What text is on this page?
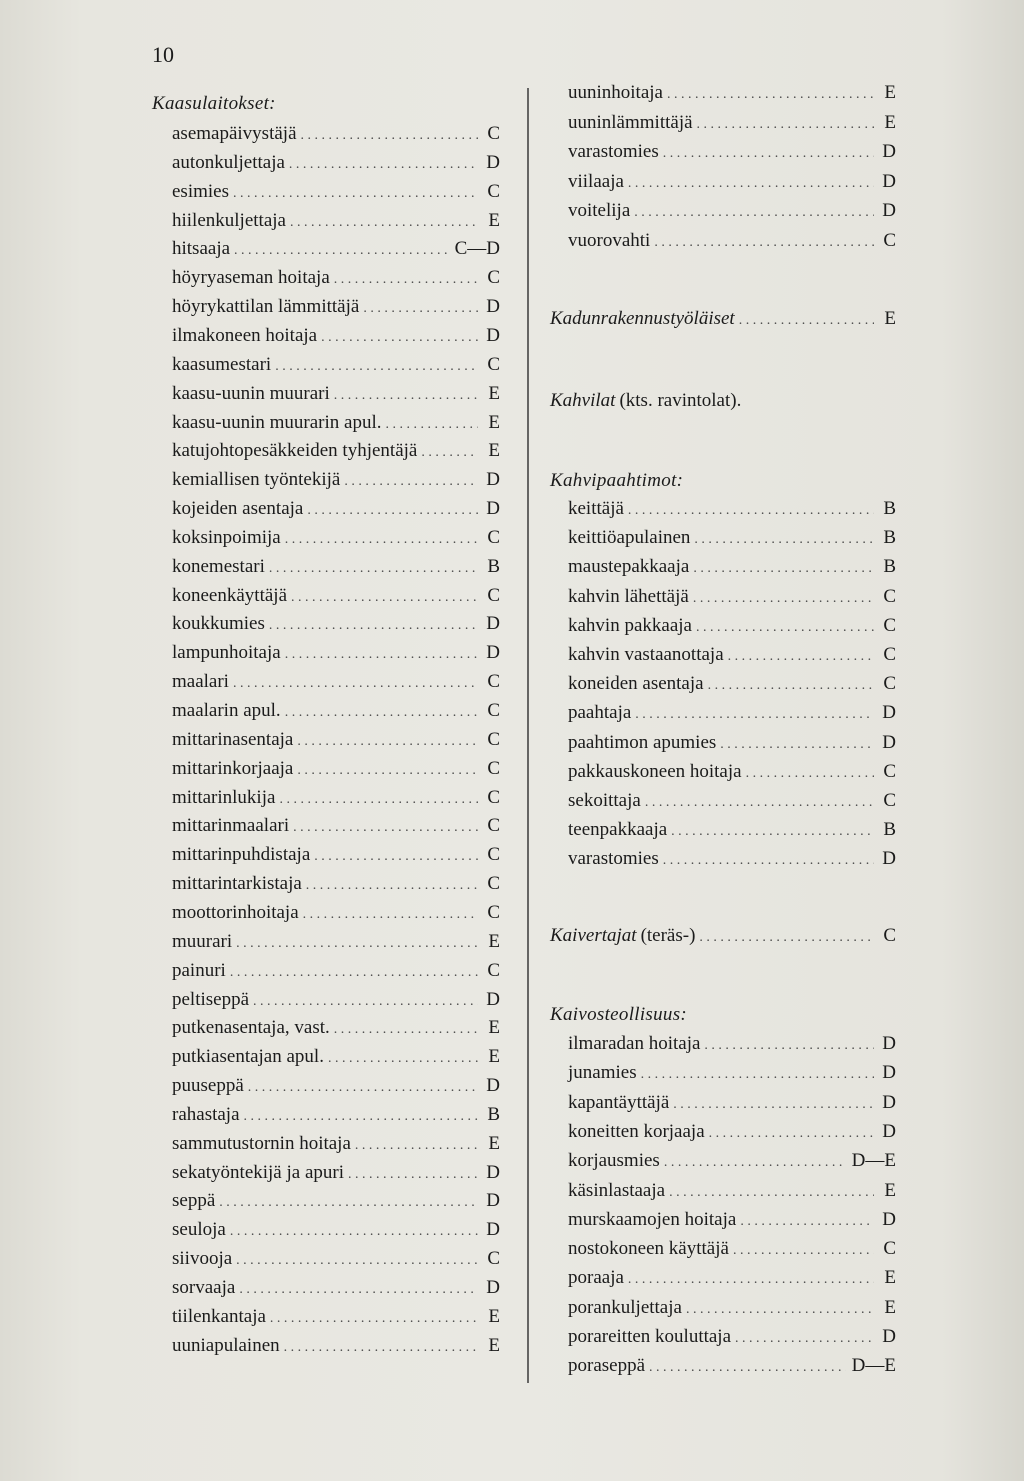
10
Kaasulaitokset:
asemapäivystäjä . . .	C
autonkuljettaja . . .	D
esimies . . .	C
hiilenkuljettaja . . .	E
hitsaaja . . .	C—D
höyryaseman hoitaja . . .	C
höyrykattilan lämmittäjä . . .	D
ilmakoneen hoitaja . . .	D
kaasumestari . . .	C
kaasu-uunin muurari . . .	E
kaasu-uunin muurarin apul. . . .	E
katujohtopesäkkeiden tyhjentäjä . . .	E
kemiallisen työntekijä . . .	D
kojeiden asentaja . . .	D
koksinpoimija . . .	C
konemestari . . .	B
koneenkäyttäjä . . .	C
koukkumies . . .	D
lampunhoitaja . . .	D
maalari . . .	C
maalarin apul. . . .	C
mittarinasentaja . . .	C
mittarinkorjaaja . . .	C
mittarinlukija . . .	C
mittarinmaalari . . .	C
mittarinpuhdistaja . . .	C
mittarintarkistaja . . .	C
moottorinhoitaja . . .	C
muurari . . .	E
painuri . . .	C
peltiseppä . . .	D
putkenasentaja, vast. . . .	E
putkiasentajan apul. . . .	E
puuseppä . . .	D
rahastaja . . .	B
sammutustornin hoitaja . . .	E
sekatyöntekijä ja apuri . . .	D
seppä . . .	D
seuloja . . .	D
siivooja . . .	C
sorvaaja . . .	D
tiilenkantaja . . .	E
uuniapulainen . . .	E
uuninhoitaja . . .	E
uuninlämmittäjä . . .	E
varastomies . . .	D
viilaaja . . .	D
voitelija . . .	D
vuorovahti . . .	C
Kadunrakennustyöläiset . . .	E
Kahvilat (kts. ravintolat).
Kahvipaahtimot:
keittäjä . . .	B
keittiöapulainen . . .	B
maustepakkaaja . . .	B
kahvin lähettäjä . . .	C
kahvin pakkaaja . . .	C
kahvin vastaanottaja . . .	C
koneiden asentaja . . .	C
paahtaja . . .	D
paahtimon apumies . . .	D
pakkauskoneen hoitaja . . .	C
sekoittaja . . .	C
teenpakkaaja . . .	B
varastomies . . .	D
Kaivertajat (teräs-) . . .	C
Kaivosteollisuus:
ilmaradan hoitaja . . .	D
junamies . . .	D
kapantäyttäjä . . .	D
koneitten korjaaja . . .	D
korjausmies . . .	D—E
käsinlastaaja . . .	E
murskaamojen hoitaja . . .	D
nostokoneen käyttäjä . . .	C
poraaja . . .	E
porankuljettaja . . .	E
porareitten kouluttaja . . .	D
poraseppä . . .	D—E
